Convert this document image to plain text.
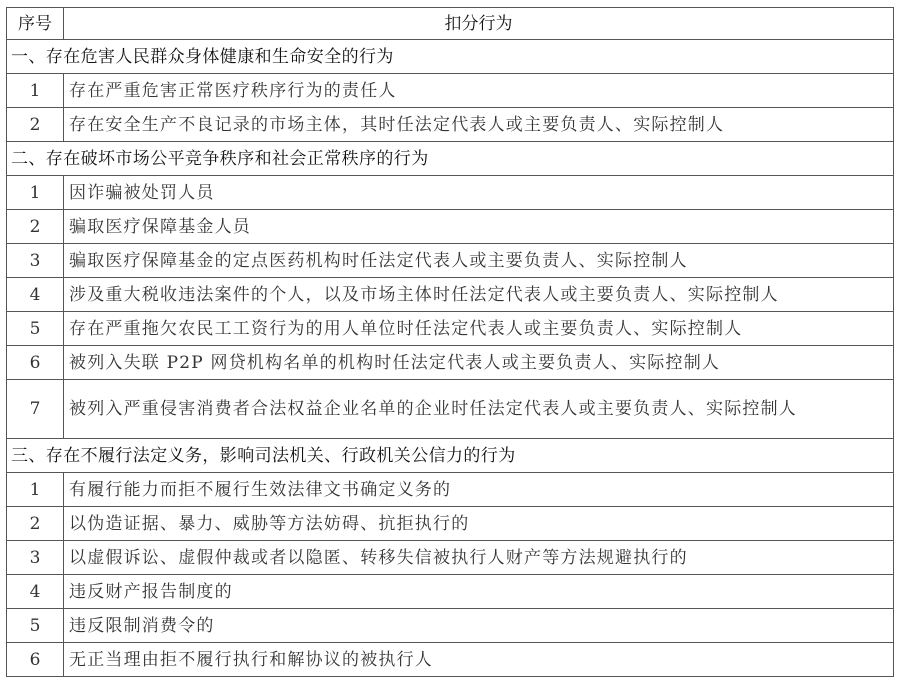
序号	扣分行为
一、存在危害人民群众身体健康和生命安全的行为	
1	存在严重危害正常医疗秩序行为的责任人
2	存在安全生产不良记录的市场主体，其时任法定代表人或主要负责人、实际控制人
二、存在破坏市场公平竞争秩序和社会正常秩序的行为	
1	因诈骗被处罚人员
2	骗取医疗保障基金人员
3	骗取医疗保障基金的定点医药机构时任法定代表人或主要负责人、实际控制人
4	涉及重大税收违法案件的个人，以及市场主体时任法定代表人或主要负责人、实际控制人
5	存在严重拖欠农民工工资行为的用人单位时任法定代表人或主要负责人、实际控制人
6	被列入失联 P2P 网贷机构名单的机构时任法定代表人或主要负责人、实际控制人
7	被列入严重侵害消费者合法权益企业名单的企业时任法定代表人或主要负责人、实际控制人
三、存在不履行法定义务，影响司法机关、行政机关公信力的行为	
1	有履行能力而拒不履行生效法律文书确定义务的
2	以伪造证据、暴力、威胁等方法妨碍、抗拒执行的
3	以虚假诉讼、虚假仲裁或者以隐匿、转移失信被执行人财产等方法规避执行的
4	违反财产报告制度的
5	违反限制消费令的
6	无正当理由拒不履行执行和解协议的被执行人
